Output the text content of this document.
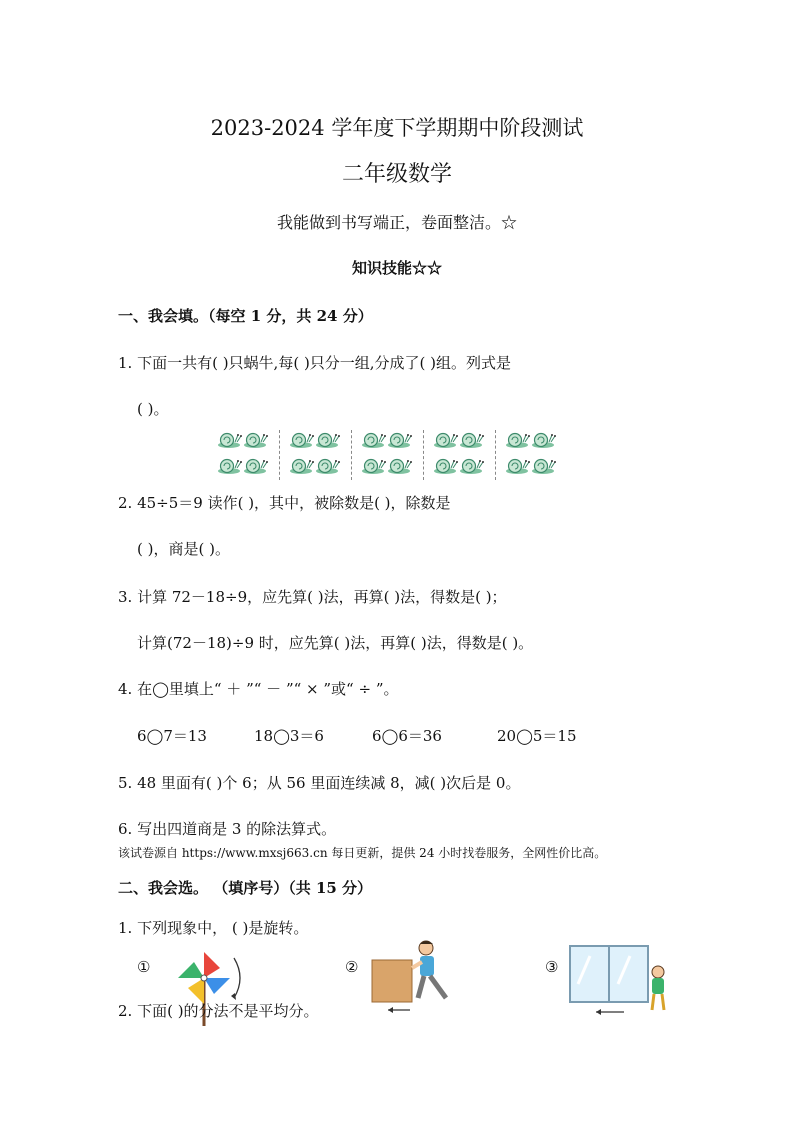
2023-2024 学年度下学期期中阶段测试
二年级数学
我能做到书写端正，卷面整洁。☆
知识技能☆☆
一、我会填。（每空 1 分，共 24 分）
1. 下面一共有( )只蜗牛,每( )只分一组,分成了( )组。列式是
( )。
2. 45÷5＝9 读作( )，其中，被除数是( )，除数是
( )，商是( )。
3. 计算 72－18÷9，应先算( )法，再算( )法，得数是( )；
计算(72－18)÷9 时，应先算( )法，再算( )法，得数是( )。
4. 在◯里填上“ ＋ ”“ － ”“ × ”或“ ÷ ”。
6◯7＝13	18◯3＝6	6◯6＝36	20◯5＝15
5. 48 里面有( )个 6；从 56 里面连续减 8，减( )次后是 0。
6. 写出四道商是 3 的除法算式。
该试卷源自 https://www.mxsj663.cn 每日更新，提供 24 小时找卷服务，全网性价比高。
二、我会选。 （填序号）（共 15 分）
1. 下列现象中， ( )是旋转。
①	②	③
2. 下面( )的分法不是平均分。
